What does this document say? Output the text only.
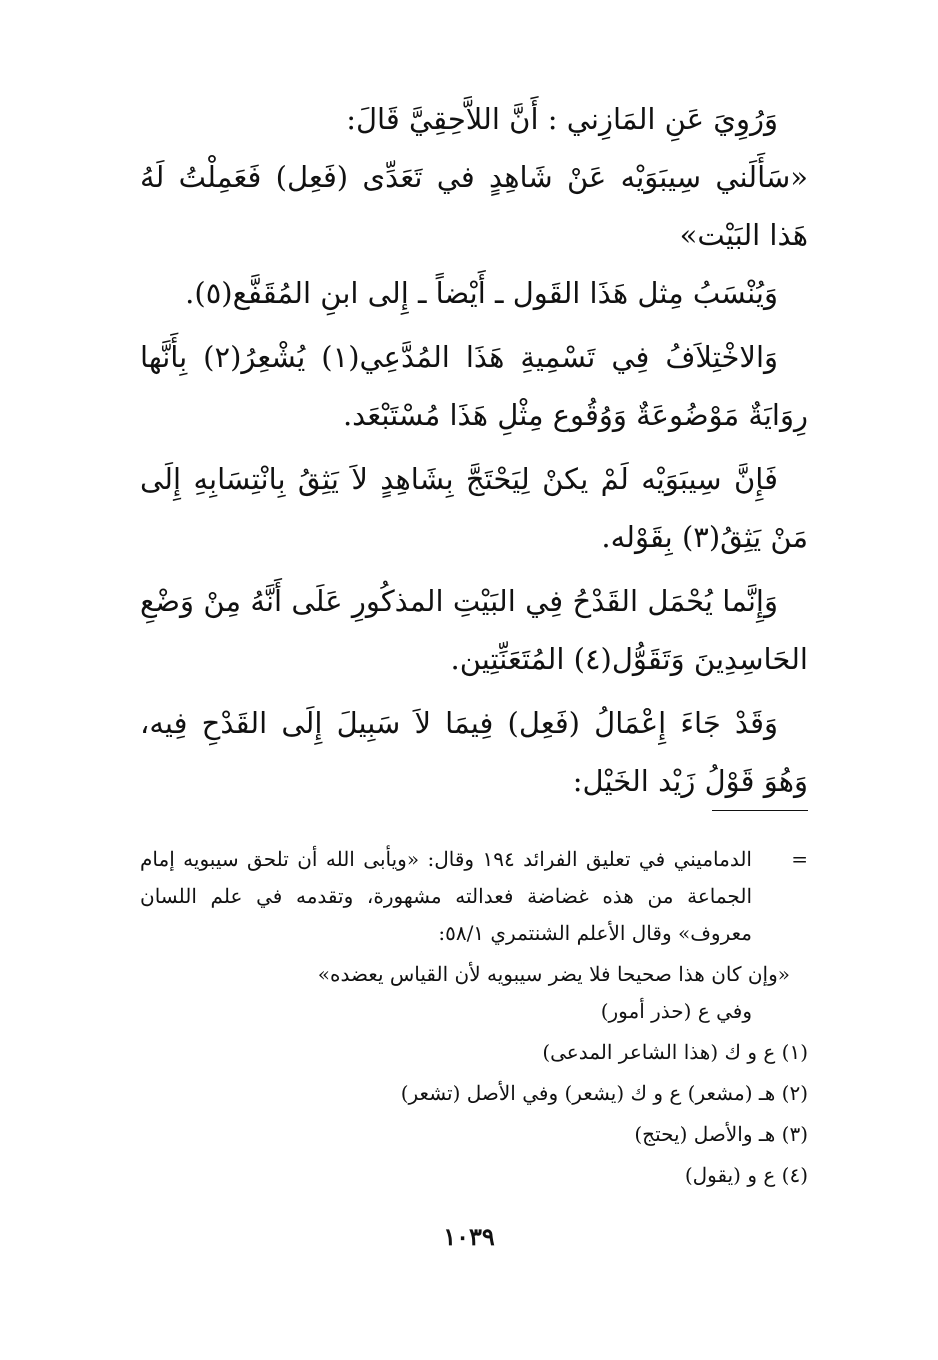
وَرُوِيَ عَنِ المَازِني : أَنَّ اللاَّحِقِيَّ قَالَ:

«سَأَلَني سِيبَوَيْه عَنْ شَاهِدٍ في تَعَدِّى (فَعِل) فَعَمِلْتُ لَهُ هَذا البَيْت»

وَيُنْسَبُ مِثل هَذَا القَول ـ أَيْضاً ـ إِلى ابنِ المُقَفَّع(٥).

وَالاخْتِلاَفُ فِي تَسْمِيةِ هَذَا المُدَّعِي(١) يُشْعِرُ(٢) بِأَنَّها رِوَايَةٌ مَوْضُوعَةٌ وَوُقُوع مِثْلِ هَذَا مُسْتَبْعَد.

فَإِنَّ سِيبَوَيْه لَمْ يكنْ لِيَحْتَجَّ بِشَاهِدٍ لاَ يَثِقُ بِانْتِسَابِهِ إِلَى مَنْ يَثِقُ(٣) بِقَوْله.

وَإِنَّما يُحْمَل القَدْحُ فِي البَيْتِ المذكُورِ عَلَى أَنَّهُ مِنْ وَضْعِ الحَاسِدِينَ وَتَقَوُّل(٤) المُتَعَنِّتِين.

وَقَدْ جَاءَ إِعْمَالُ (فَعِل) فِيمَا لاَ سَبِيلَ إِلَى القَدْحِ فِيه، وَهُوَ قَوْلُ زَيْد الخَيْل:

=
الدماميني في تعليق الفرائد ١٩٤ وقال: «ويأبى الله أن تلحق سيبويه إمام الجماعة من هذه غضاضة فعدالته مشهورة، وتقدمه في علم اللسان معروف» وقال الأعلم الشنتمري ٥٨/١:

«وإن كان هذا صحيحا فلا يضر سيبويه لأن القياس يعضده»

وفي ع (حذر أمور)

(١) ع و ك (هذا الشاعر المدعى)

(٢) هـ (مشعر) ع و ك (يشعر) وفي الأصل (تشعر)

(٣) هـ والأصل (يحتج)

(٤) ع و (يقول)

١٠٣٩
